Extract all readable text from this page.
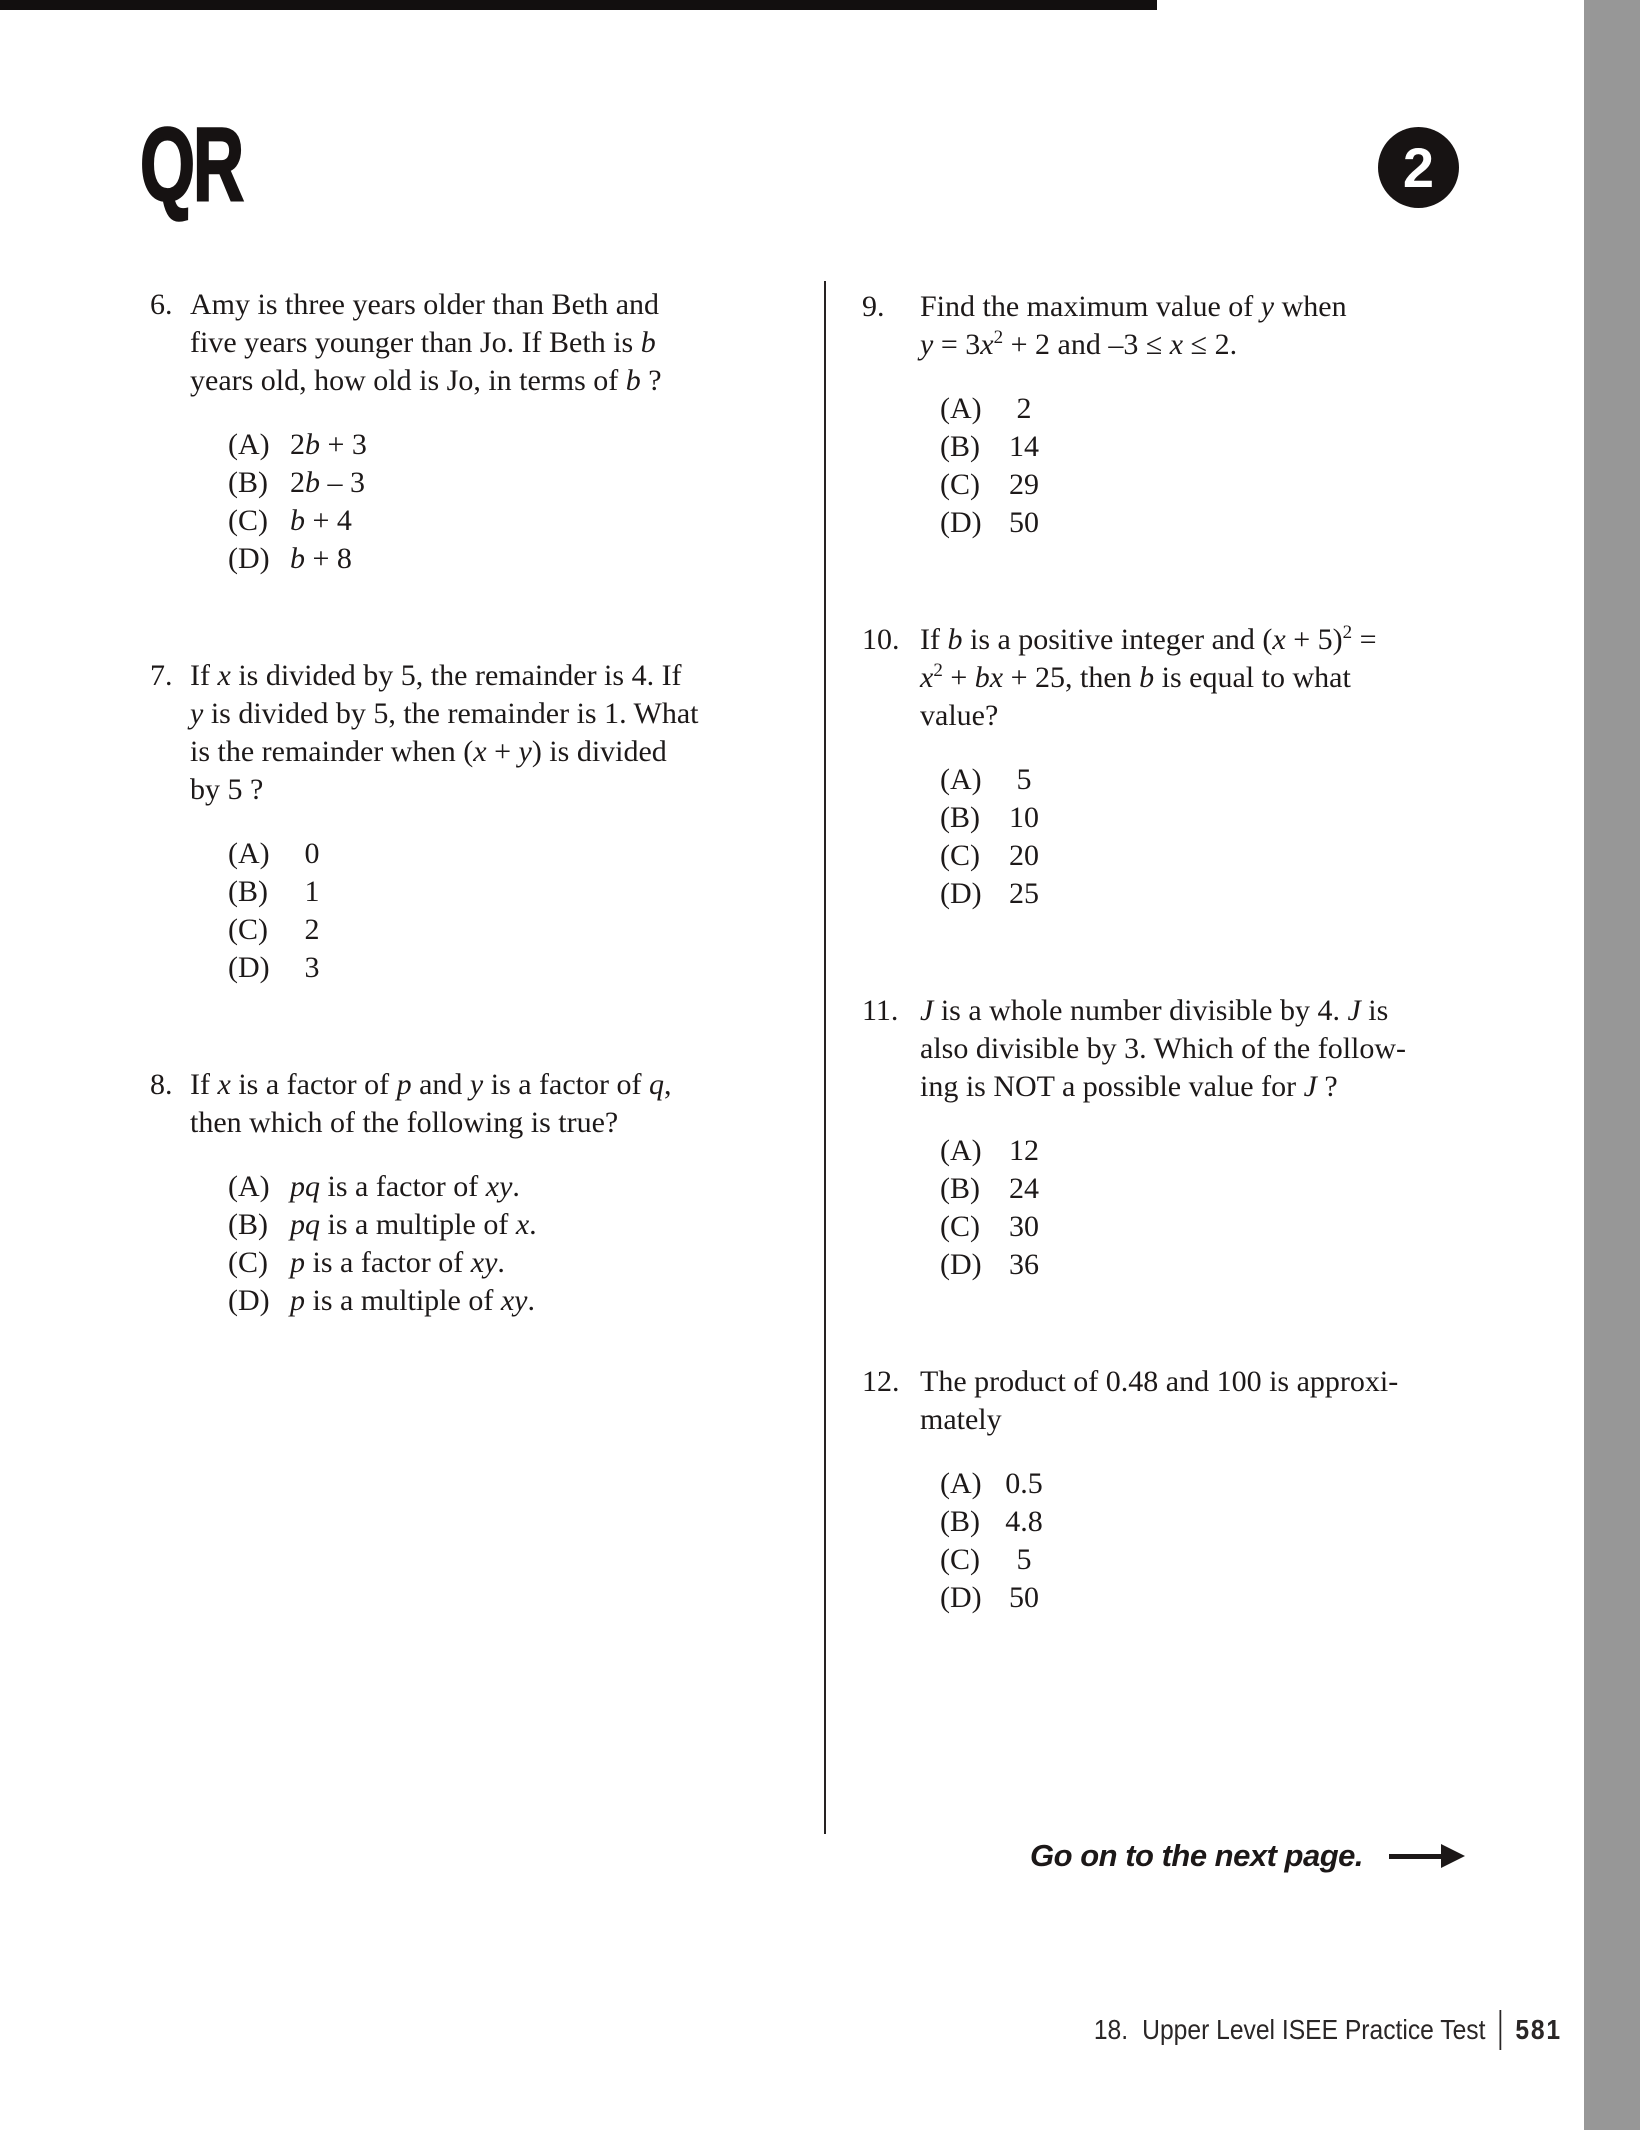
QR	2
6. Amy is three years older than Beth and
five years younger than Jo. If Beth is b
years old, how old is Jo, in terms of b ?
(A) 2b + 3
(B) 2b – 3
(C) b + 4
(D) b + 8
7. If x is divided by 5, the remainder is 4. If
y is divided by 5, the remainder is 1. What
is the remainder when (x + y) is divided
by 5 ?
(A)	0
(B)	1
(C)	2
(D)	3
8. If x is a factor of p and y is a factor of q,
then which of the following is true?
(A) pq is a factor of xy.
(B) pq is a multiple of x.
(C) p is a factor of xy.
(D) p is a multiple of xy.
9.	Find the maximum value of y when
$y = 3x^2 + 2$ and –3 ≤ x ≤ 2.
(A)	2
(B) 14
(C) 29
(D) 50
10. If b is a positive integer and $(x + 5)^2$ =
$x^2$ + bx + 25, then b is equal to what
value?
(A)	5
(B) 10
(C) 20
(D) 25
11. J is a whole number divisible by 4. J is
also divisible by 3. Which of the follow-
ing is NOT a possible value for J ?
(A) 12
(B) 24
(C) 30
(D) 36
12. The product of 0.48 and 100 is approxi-
mately
(A) 0.5
(B) 4.8
(C)	5
(D) 50
Go on to the next page.
18. Upper Level ISEE Practice Test 581
